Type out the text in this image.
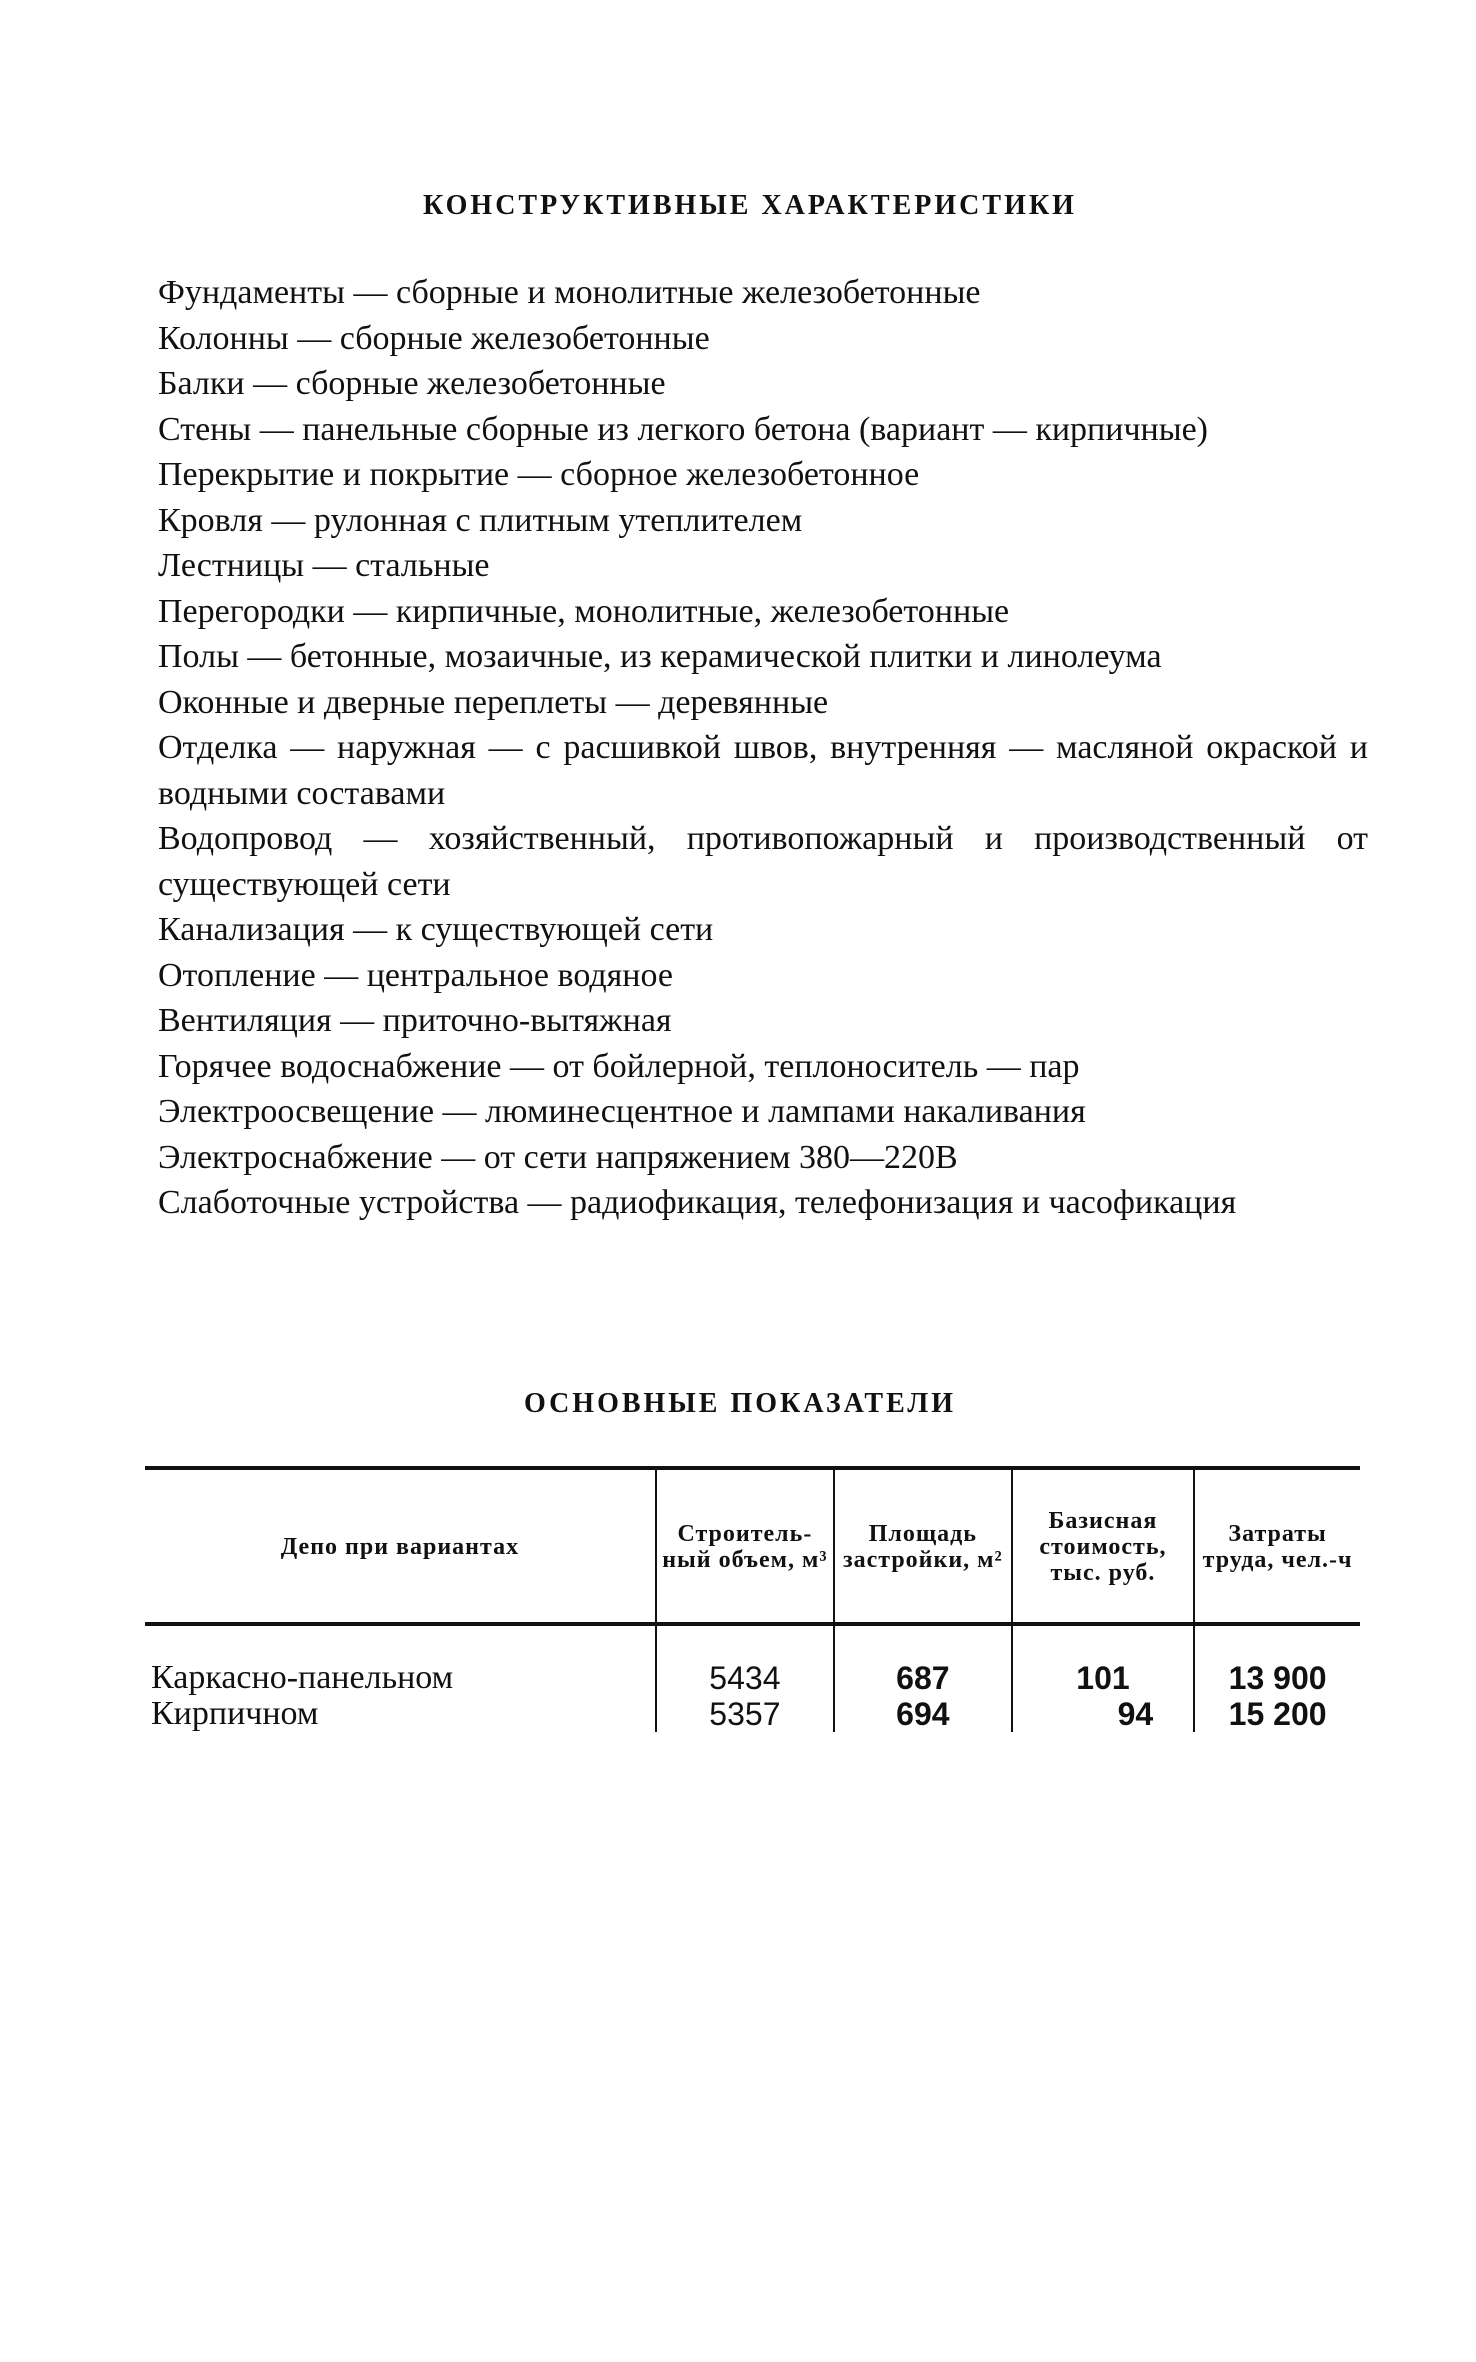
КОНСТРУКТИВНЫЕ ХАРАКТЕРИСТИКИ
Фундаменты — сборные и монолитные железобетонные
Колонны — сборные железобетонные
Балки — сборные железобетонные
Стены — панельные сборные из легкого бетона (вариант — кирпичные)
Перекрытие и покрытие — сборное железобетонное
Кровля — рулонная с плитным утеплителем
Лестницы — стальные
Перегородки — кирпичные, монолитные, железобетонные
Полы — бетонные, мозаичные, из керамической плитки и линолеума
Оконные и дверные переплеты — деревянные
Отделка — наружная — с расшивкой швов, внутренняя — масляной окраской и водными составами
Водопровод — хозяйственный, противопожарный и производственный от существующей сети
Канализация — к существующей сети
Отопление — центральное водяное
Вентиляция — приточно-вытяжная
Горячее водоснабжение — от бойлерной, теплоноситель — пар
Электроосвещение — люминесцентное и лампами накаливания
Электроснабжение — от сети напряжением 380—220В
Слаботочные устройства — радиофикация, телефонизация и часофикация
ОСНОВНЫЕ ПОКАЗАТЕЛИ
Депо при вариантах	Строитель-ный объем, м³	Площадь застройки, м²	Базисная стоимость, тыс. руб.	Затраты труда, чел.-ч
Каркасно-панельном	5434	687	101	13 900
Кирпичном	5357	694	94	15 200
